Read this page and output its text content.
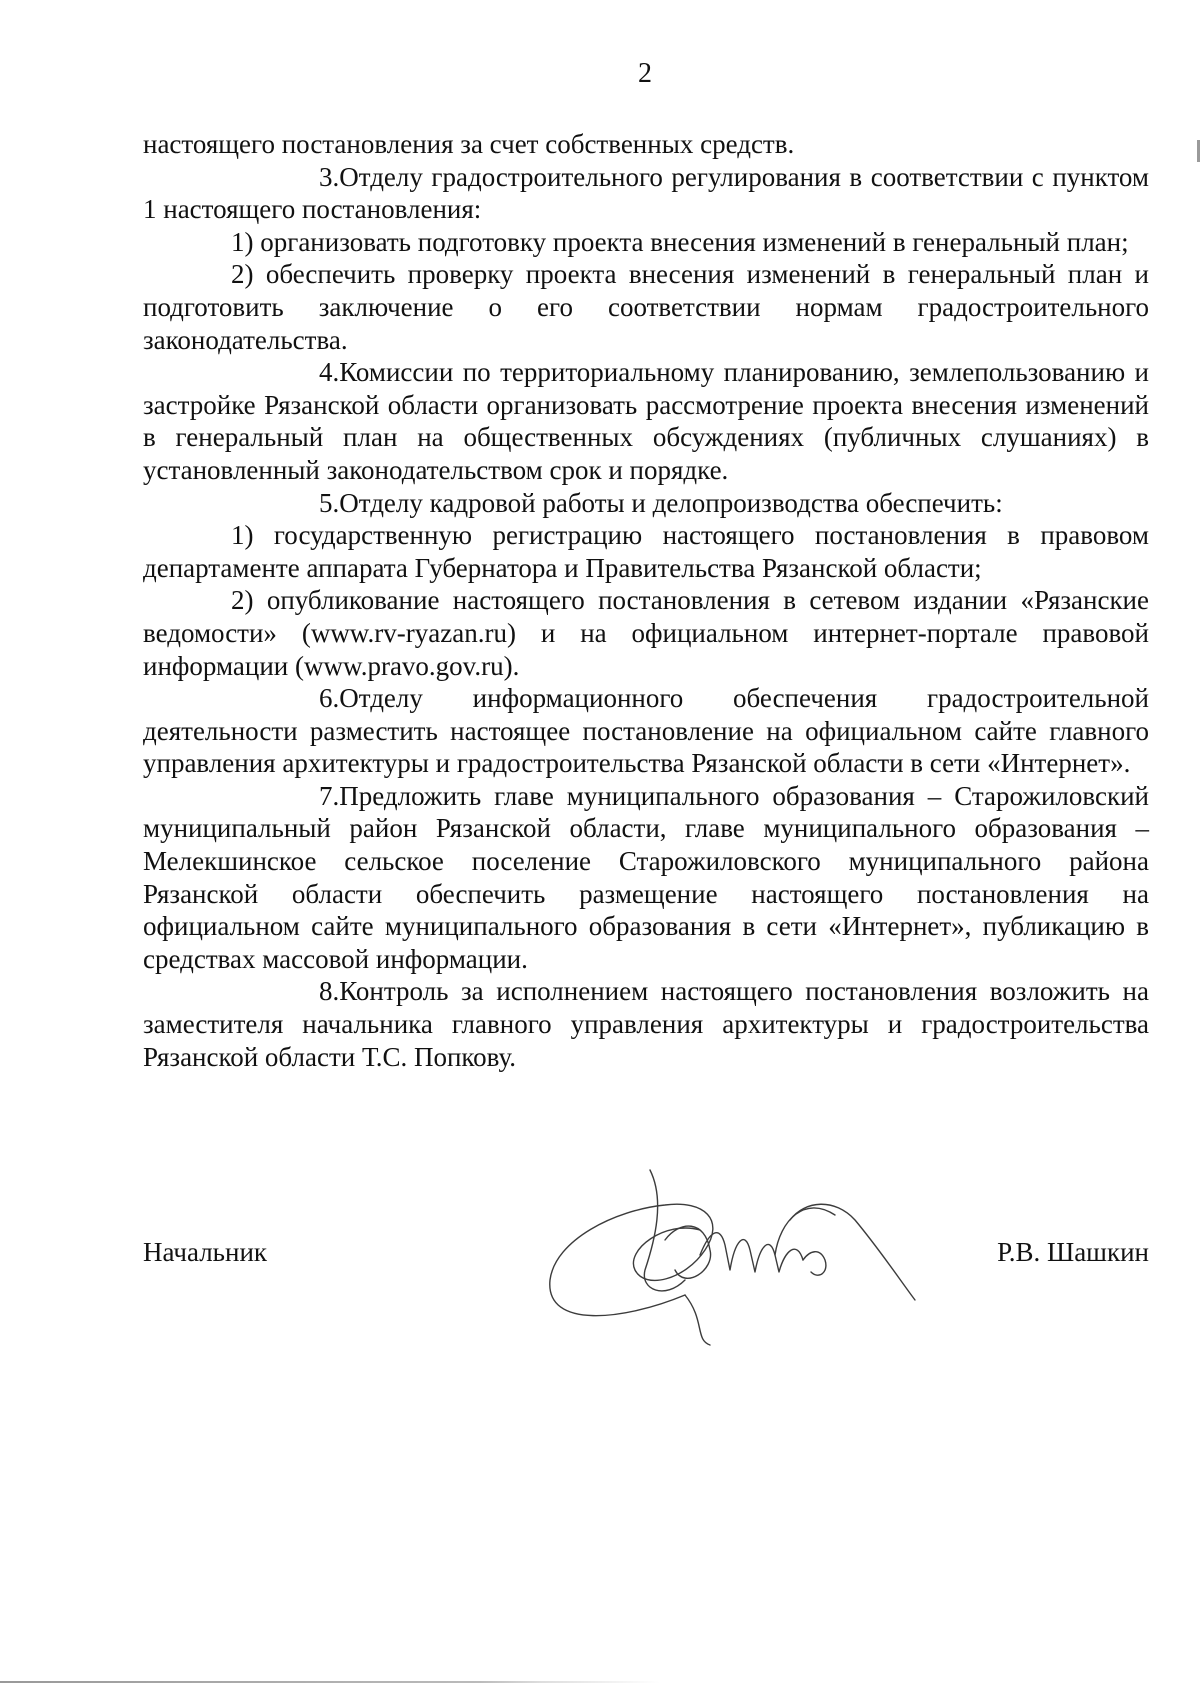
2

настоящего постановления за счет собственных средств.

3.Отделу градостроительного регулирования в соответствии с пунктом 1 настоящего постановления:

1) организовать подготовку проекта внесения изменений в генеральный план;

2) обеспечить проверку проекта внесения изменений в генеральный план и подготовить заключение о его соответствии нормам градостроительного законодательства.

4.Комиссии по территориальному планированию, землепользованию и застройке Рязанской области организовать рассмотрение проекта внесения изменений в генеральный план на общественных обсуждениях (публичных слушаниях) в установленный законодательством срок и порядке.

5.Отделу кадровой работы и делопроизводства обеспечить:

1) государственную регистрацию настоящего постановления в правовом департаменте аппарата Губернатора и Правительства Рязанской области;

2) опубликование настоящего постановления в сетевом издании «Рязанские ведомости» (www.rv-ryazan.ru) и на официальном интернет-портале правовой информации (www.pravo.gov.ru).

6.Отделу информационного обеспечения градостроительной деятельности разместить настоящее постановление на официальном сайте главного управления архитектуры и градостроительства Рязанской области в сети «Интернет».

7.Предложить главе муниципального образования – Старожиловский муниципальный район Рязанской области, главе муниципального образования – Мелекшинское сельское поселение Старожиловского муниципального района Рязанской области обеспечить размещение настоящего постановления на официальном сайте муниципального образования в сети «Интернет», публикацию в средствах массовой информации.

8.Контроль за исполнением настоящего постановления возложить на заместителя начальника главного управления архитектуры и градостроительства Рязанской области Т.С. Попкову.

Начальник	Р.В. Шашкин
